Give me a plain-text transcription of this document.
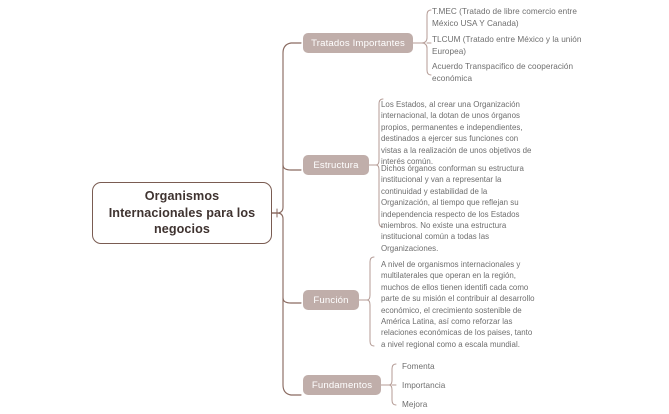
Organismos Internacionales para los negocios
Tratados Importantes
T.MEC (Tratado de libre comercio entre México USA Y Canada)
TLCUM (Tratado entre México y la unión Europea)
Acuerdo Transpacifico de cooperación económica
Estructura
Los Estados, al crear una Organización internacional, la dotan de unos órganos propios, permanentes e independientes, destinados a ejercer sus funciones con vistas a la realización de unos objetivos de interés común.
Dichos órganos conforman su estructura institucional y van a representar la continuidad y estabilidad de la Organización, al tiempo que reflejan su independencia respecto de los Estados miembros. No existe una estructura institucional común a todas las Organizaciones.
Función
A nivel de organismos internacionales y multilaterales que operan en la región, muchos de ellos tienen identifi cada como parte de su misión el contribuir al desarrollo económico, el crecimiento sostenible de América Latina, así como reforzar las relaciones económicas de los paises, tanto a nivel regional como a escala mundial.
Fundamentos
Fomenta
Importancia
Mejora
